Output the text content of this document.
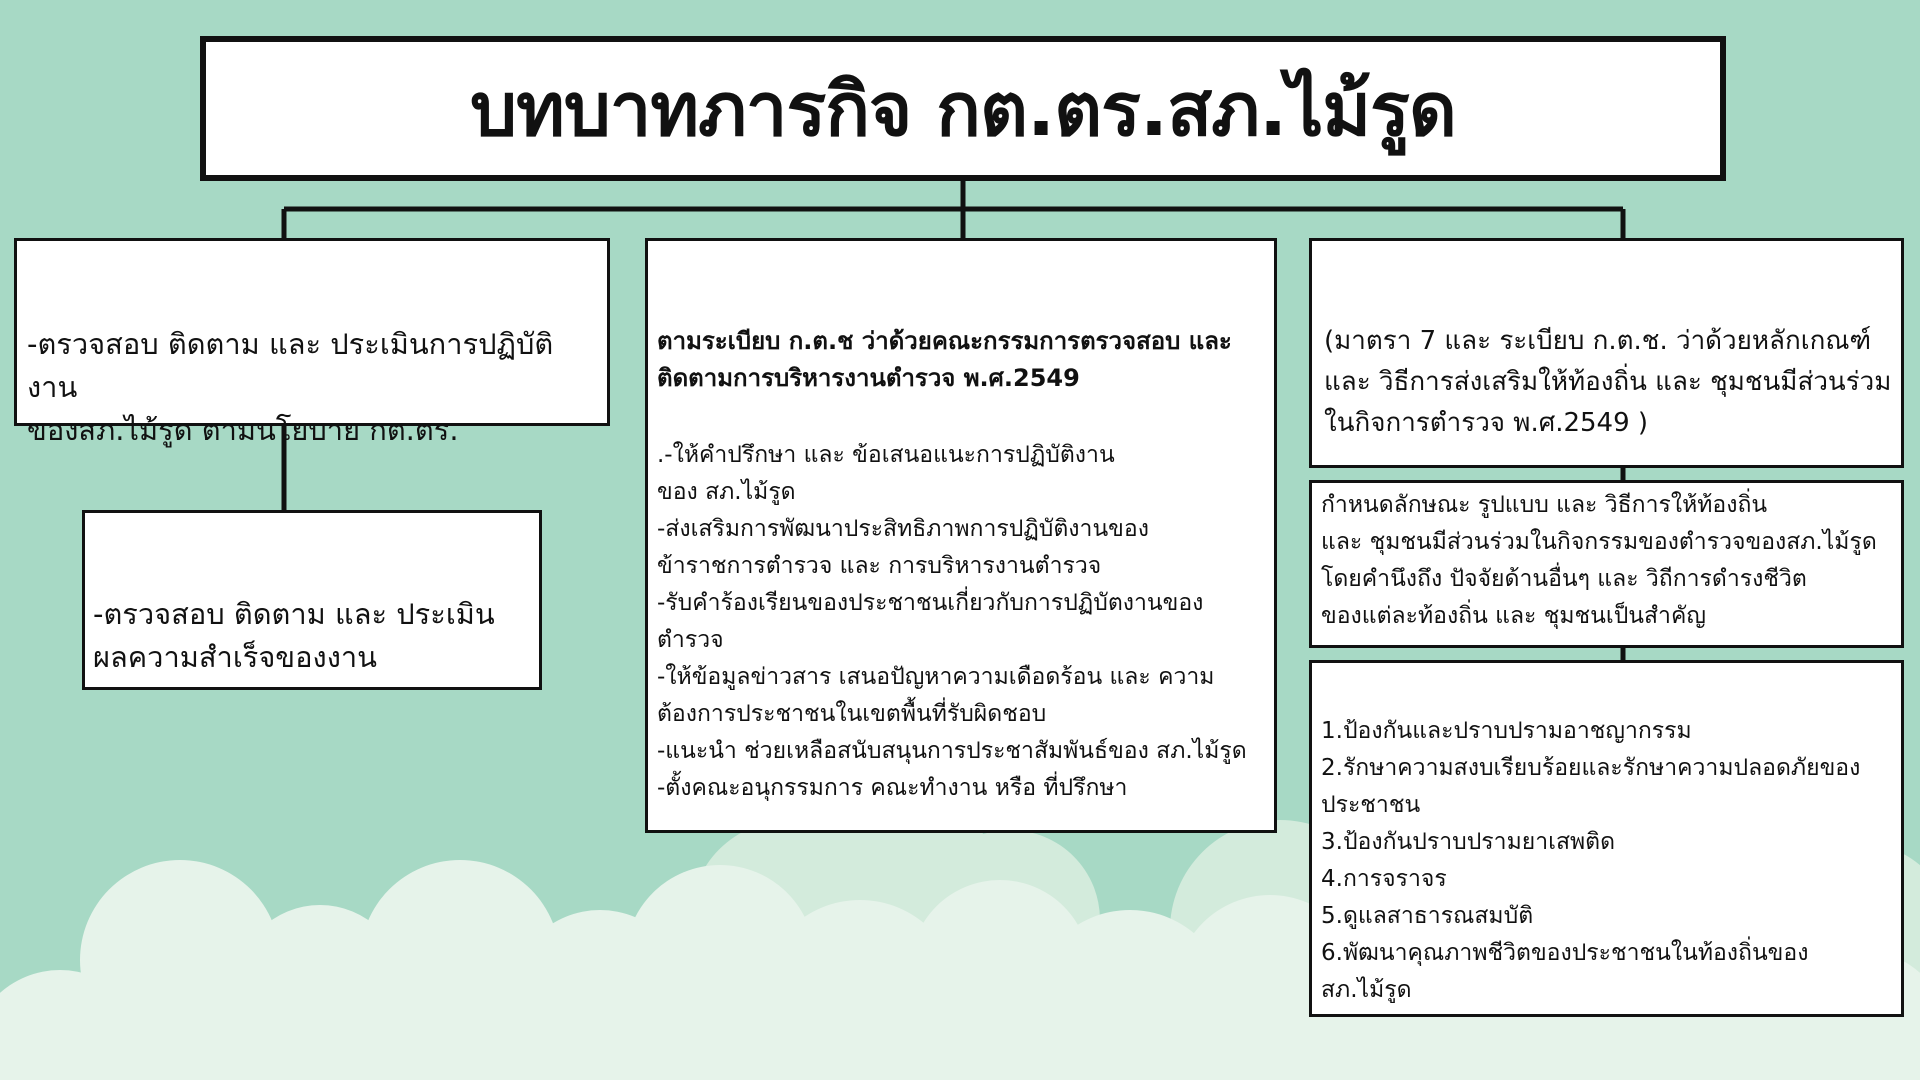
บทบาทภารกิจ กต.ตร.สภ.ไม้รูด
-ตรวจสอบ ติดตาม และ ประเมินการปฏิบัติงาน
ของสภ.ไม้รูด ตามนโยบาย กต.ตร.
-ตรวจสอบ ติดตาม และ ประเมิน
ผลความสำเร็จของงาน
ตามระเบียบ ก.ต.ช ว่าด้วยคณะกรรมการตรวจสอบ และ
ติดตามการบริหารงานตำรวจ พ.ศ.2549
.-ให้คำปรึกษา และ ข้อเสนอแนะการปฏิบัติงาน
ของ สภ.ไม้รูด
-ส่งเสริมการพัฒนาประสิทธิภาพการปฏิบัติงานของ
ข้าราชการตำรวจ และ การบริหารงานตำรวจ
-รับคำร้องเรียนของประชาชนเกี่ยวกับการปฏิบัตงานของ
ตำรวจ
-ให้ข้อมูลข่าวสาร เสนอปัญหาความเดือดร้อน และ ความ
ต้องการประชาชนในเขตพื้นที่รับผิดชอบ
-แนะนำ ช่วยเหลือสนับสนุนการประชาสัมพันธ์ของ สภ.ไม้รูด
-ตั้งคณะอนุกรรมการ คณะทำงาน หรือ ที่ปรึกษา
(มาตรา 7 และ ระเบียบ ก.ต.ช. ว่าด้วยหลักเกณฑ์
และ วิธีการส่งเสริมให้ท้องถิ่น และ ชุมชนมีส่วนร่วม
ในกิจการตำรวจ พ.ศ.2549 )
กำหนดลักษณะ รูปแบบ และ วิธีการให้ท้องถิ่น
และ ชุมชนมีส่วนร่วมในกิจกรรมของตำรวจของสภ.ไม้รูด
โดยคำนึงถึง ปัจจัยด้านอื่นๆ และ วิถีการดำรงชีวิต
ของแต่ละท้องถิ่น และ ชุมชนเป็นสำคัญ
1.ป้องกันและปราบปรามอาชญากรรม
2.รักษาความสงบเรียบร้อยและรักษาความปลอดภัยของ
ประชาชน
3.ป้องกันปราบปรามยาเสพติด
4.การจราจร
5.ดูแลสาธารณสมบัติ
6.พัฒนาคุณภาพชีวิตของประชาชนในท้องถิ่นของ
สภ.ไม้รูด
